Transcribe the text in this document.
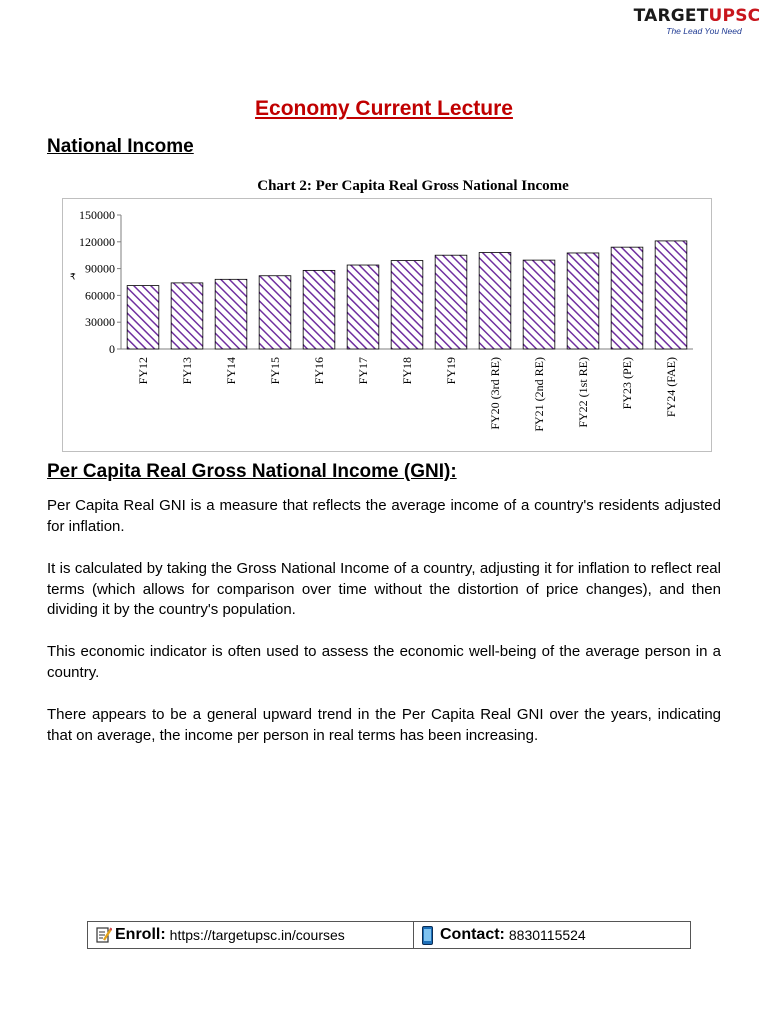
TARGETUPSC
The Lead You Need
Economy Current Lecture
National Income
Chart 2: Per Capita Real Gross National Income
0
30000
60000
90000
120000
150000
₹
FY12	FY13	FY14	FY15	FY16	FY17	FY18	FY19	FY20 (3rd RE)	FY21 (2nd RE)	FY22 (1st RE)	FY23 (PE)	FY24 (FAE)
Per Capita Real Gross National Income (GNI):
Per Capita Real GNI is a measure that reflects the average income of a country's residents adjusted for inflation.
It is calculated by taking the Gross National Income of a country, adjusting it for inflation to reflect real terms (which allows for comparison over time without the distortion of price changes), and then dividing it by the country's population.
This economic indicator is often used to assess the economic well-being of the average person in a country.
There appears to be a general upward trend in the Per Capita Real GNI over the years, indicating that on average, the income per person in real terms has been increasing.
Enroll: https://targetupsc.in/courses	Contact: 8830115524
